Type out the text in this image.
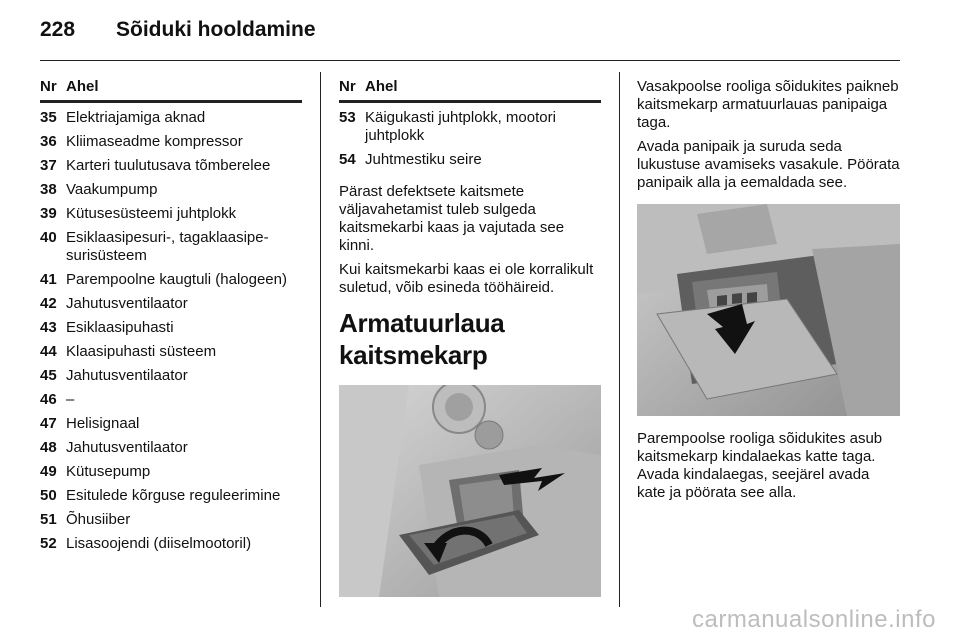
228 Sõiduki hooldamine
Nr Ahel
35 Elektriajamiga aknad
36 Kliimaseadme kompressor
37 Karteri tuulutusava tõmberelee
38 Vaakumpump
39 Kütusesüsteemi juhtplokk
40 Esiklaasipesuri-, tagaklaasipesurisüsteem
41 Parempoolne kaugtuli (halogeen)
42 Jahutusventilaator
43 Esiklaasipuhasti
44 Klaasipuhasti süsteem
45 Jahutusventilaator
46 –
47 Helisignaal
48 Jahutusventilaator
49 Kütusepump
50 Esitulede kõrguse reguleerimine
51 Õhusiiber
52 Lisasoojendi (diiselmootoril)
Nr Ahel
53 Käigukasti juhtplokk, mootori juhtplokk
54 Juhtmestiku seire

Pärast defektsete kaitsmete väljavahetamist tuleb sulgeda kaitsmekarbi kaas ja vajutada see kinni.

Kui kaitsmekarbi kaas ei ole korralikult suletud, võib esineda tööhäireid.

Armatuurlaua kaitsmekarp

Vasakpoolse rooliga sõidukites paikneb kaitsmekarp armatuurlauas panipaiga taga.

Avada panipaik ja suruda seda lukustuse avamiseks vasakule. Pöörata panipaik alla ja eemaldada see.

Parempoolse rooliga sõidukites asub kaitsmekarp kindalaekas katte taga. Avada kindalaegas, seejärel avada kate ja pöörata see alla.

carmanualsonline.info
